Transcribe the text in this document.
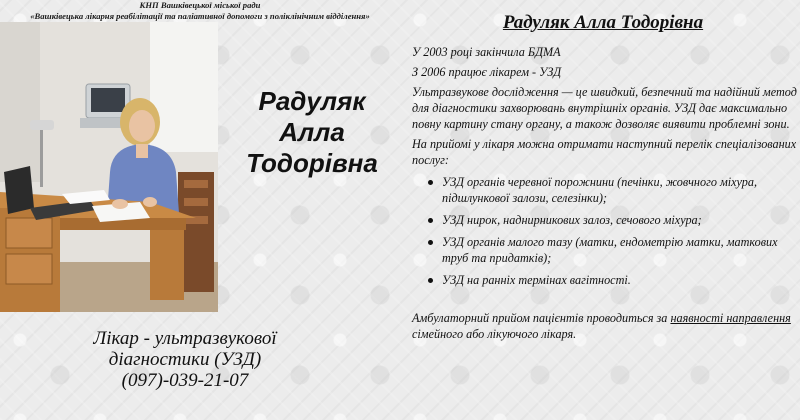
КНП Вашківецької міської ради
«Вашківецька лікарня реабілітації та паліативної допомоги з поліклінічним відділення»
Радуляк
Алла
Тодорівна
Лікар - ультразвукової
діагностики (УЗД)
(097)-039-21-07
Радуляк Алла Тодорівна

У 2003 році закінчила БДМА

З 2006 працює лікарем - УЗД

Ультразвукове дослідження — це швидкий, безпечний та надійний метод для діагностики захворювань внутрішніх органів. УЗД дає максимально повну картину стану органу, а також дозволяє виявити проблемні зони.

На прийомі у лікаря можна отримати наступний перелік спеціалізованих послуг:

УЗД органів черевної порожнини (печінки, жовчного міхура, підшлункової залози, селезінки);
УЗД нирок, наднирникових залоз, сечового міхура;
УЗД органів малого тазу (матки, ендометрію матки, маткових труб та придатків);
УЗД на ранніх термінах вагітності.

Амбулаторний прийом пацієнтів проводиться за наявності направлення сімейного або лікуючого лікаря.
